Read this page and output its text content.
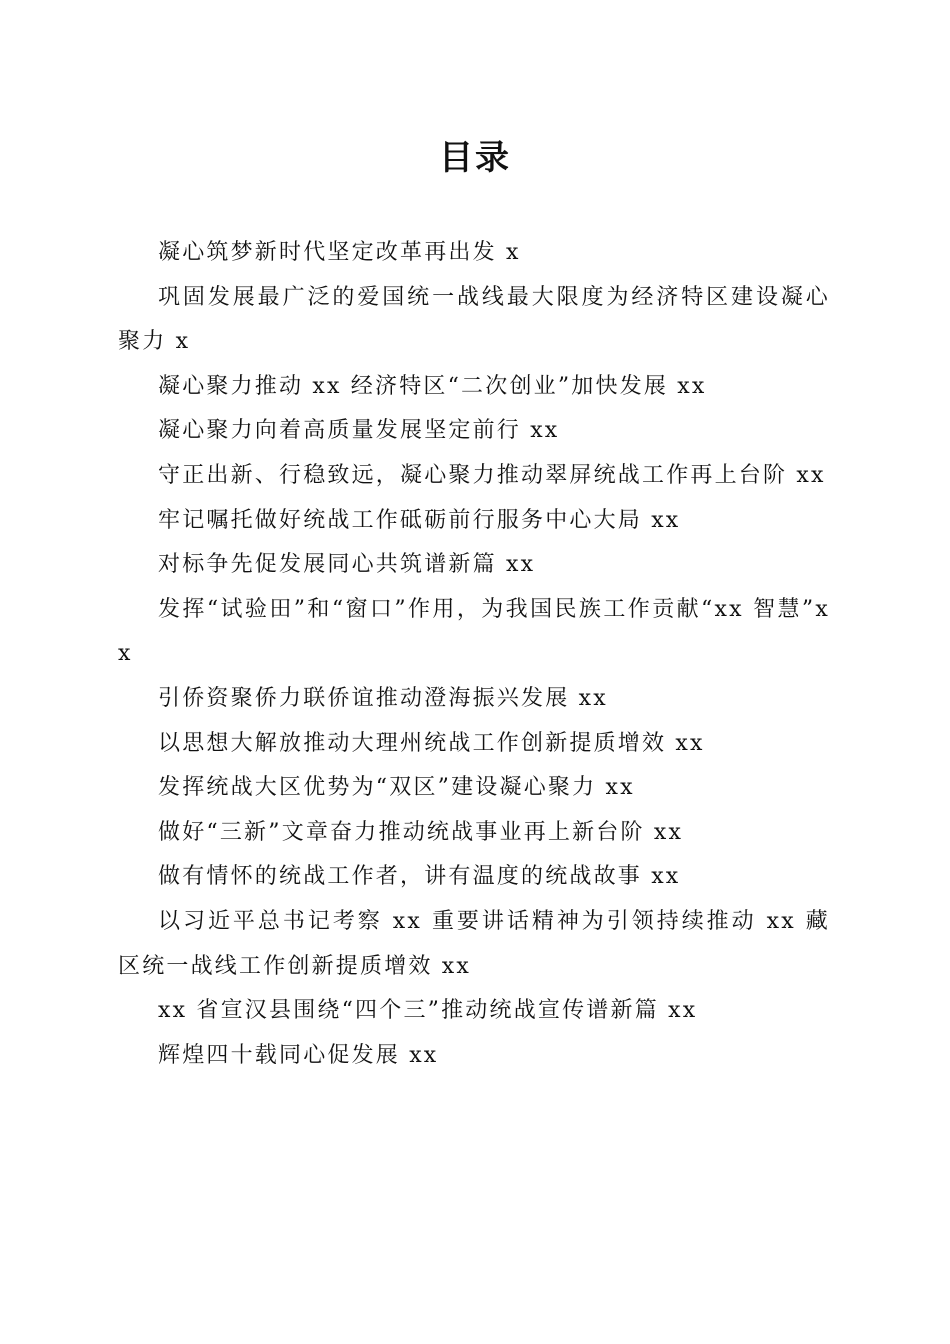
目录
凝心筑梦新时代坚定改革再出发 x
巩固发展最广泛的爱国统一战线最大限度为经济特区建设凝心聚力 x
凝心聚力推动 xx 经济特区“二次创业”加快发展 xx
凝心聚力向着高质量发展坚定前行 xx
守正出新、行稳致远，凝心聚力推动翠屏统战工作再上台阶 xx
牢记嘱托做好统战工作砥砺前行服务中心大局 xx
对标争先促发展同心共筑谱新篇 xx
发挥“试验田”和“窗口”作用，为我国民族工作贡献“xx 智慧”xx
引侨资聚侨力联侨谊推动澄海振兴发展 xx
以思想大解放推动大理州统战工作创新提质增效 xx
发挥统战大区优势为“双区”建设凝心聚力 xx
做好“三新”文章奋力推动统战事业再上新台阶 xx
做有情怀的统战工作者，讲有温度的统战故事 xx
以习近平总书记考察 xx 重要讲话精神为引领持续推动 xx 藏区统一战线工作创新提质增效 xx
xx 省宣汉县围绕“四个三”推动统战宣传谱新篇 xx
辉煌四十载同心促发展 xx
